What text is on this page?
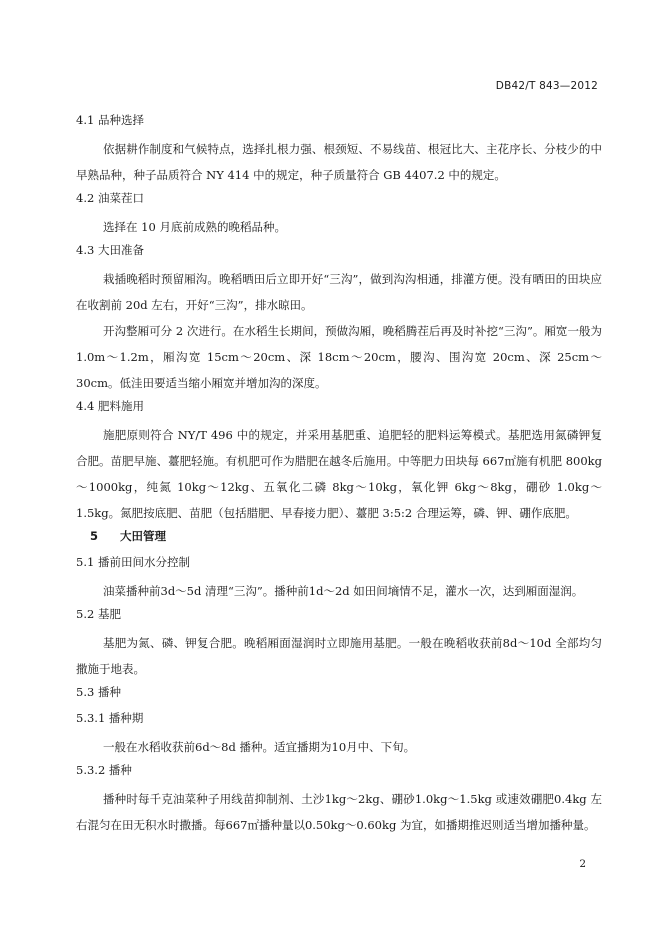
DB42/T 843—2012
4.1 品种选择

依据耕作制度和气候特点，选择扎根力强、根颈短、不易线苗、根冠比大、主花序长、分枝少的中早熟品种，种子品质符合 NY 414 中的规定，种子质量符合 GB 4407.2 中的规定。

4.2 油菜茬口

选择在 10 月底前成熟的晚稻品种。

4.3 大田准备

栽插晚稻时预留厢沟。晚稻晒田后立即开好“三沟”，做到沟沟相通，排灌方便。没有晒田的田块应在收割前 20d 左右，开好“三沟”，排水晾田。

开沟整厢可分 2 次进行。在水稻生长期间，预做沟厢，晚稻腾茬后再及时补挖“三沟”。厢宽一般为 1.0m～1.2m，厢沟宽 15cm～20cm、深 18cm～20cm，腰沟、围沟宽 20cm、深 25cm～30cm。低洼田要适当缩小厢宽并增加沟的深度。

4.4 肥料施用

施肥原则符合 NY/T 496 中的规定，并采用基肥重、追肥轻的肥料运筹模式。基肥选用氮磷钾复合肥。苗肥早施、薹肥轻施。有机肥可作为腊肥在越冬后施用。中等肥力田块每 667㎡施有机肥 800kg～1000kg，纯氮 10kg～12kg、五氧化二磷 8kg～10kg，氧化钾 6kg～8kg，硼砂 1.0kg～1.5kg。氮肥按底肥、苗肥（包括腊肥、早春接力肥）、薹肥 3:5:2 合理运筹，磷、钾、硼作底肥。

5 大田管理
5.1 播前田间水分控制

油菜播种前3d～5d 清理“三沟”。播种前1d～2d 如田间墒情不足，灌水一次，达到厢面湿润。

5.2 基肥

基肥为氮、磷、钾复合肥。晚稻厢面湿润时立即施用基肥。一般在晚稻收获前8d～10d 全部均匀撒施于地表。

5.3 播种
5.3.1 播种期

一般在水稻收获前6d～8d 播种。适宜播期为10月中、下旬。

5.3.2 播种

播种时每千克油菜种子用线苗抑制剂、土沙1kg～2kg、硼砂1.0kg～1.5kg 或速效硼肥0.4kg 左右混匀在田无积水时撒播。每667㎡播种量以0.50kg～0.60kg 为宜，如播期推迟则适当增加播种量。

2
